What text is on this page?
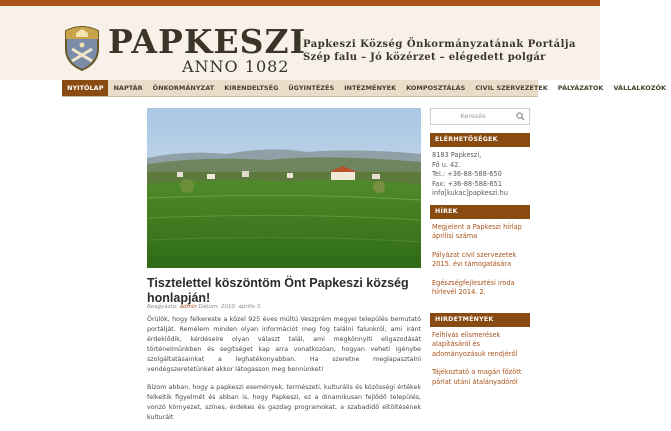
PAPKESZI
ANNO 1082
Papkeszi Község Önkormányzatának Portálja
Szép falu – Jó közérzet – elégedett polgár
NYITÓLAP	NAPTÁR	ÖNKORMÁNYZAT	KIRENDELTSÉG	ÜGYINTÉZÉS	INTÉZMÉNYEK	KOMPOSZTÁLÁS	CIVIL SZERVEZETEK	PÁLYÁZATOK	VÁLLALKOZÓK
Tisztelettel köszöntöm Önt Papkeszi község honlapján!
Beagyázta: admin Dátum: 2010. április 3.

Örülök, hogy felkereste a közel 925 éves múltú Veszprém megyei település bemutató portálját. Remélem minden olyan információt meg fog találni falunkról, ami iránt érdeklődik, kérdéseire olyan választ talál, ami megkönnyíti eligazodását történelmünkben és segítséget kap arra vonatkozóan, hogyan veheti igénybe szolgáltatásainkat a leghatékonyabban. Ha szeretne meglapasztalni vendégszeretetünket akkor látogasson meg bennünket!

Bízom abban, hogy a papkeszi események, természeti, kulturális és közösségi értékek felkeltik figyelmét és abban is, hogy Papkeszi, ez a dinamikusan fejlődő település, vonzó környezet, színes, érdekes és gazdag programokat, a szabadidő eltöltésének kulturált

Keresés
ELÉRHETŐSÉGEK
8183 Papkeszi,
Fő u. 42.
Tel.: +36-88-588-650
Fax: +36-88-588-651
info[kukac]papkeszi.hu
HÍREK
Megjelent a Papkeszi hírlap áprilisi száma
Pályázat civil szervezetek 2015. évi támogatására
Egészségfejlesztési iroda hírlevél 2014. 2.
HIRDETMÉNYEK
Felhívás elismerések alapításáról és adományozásuk rendjéről
Tájékoztató a magán főzött párlat utáni átalányadóról
